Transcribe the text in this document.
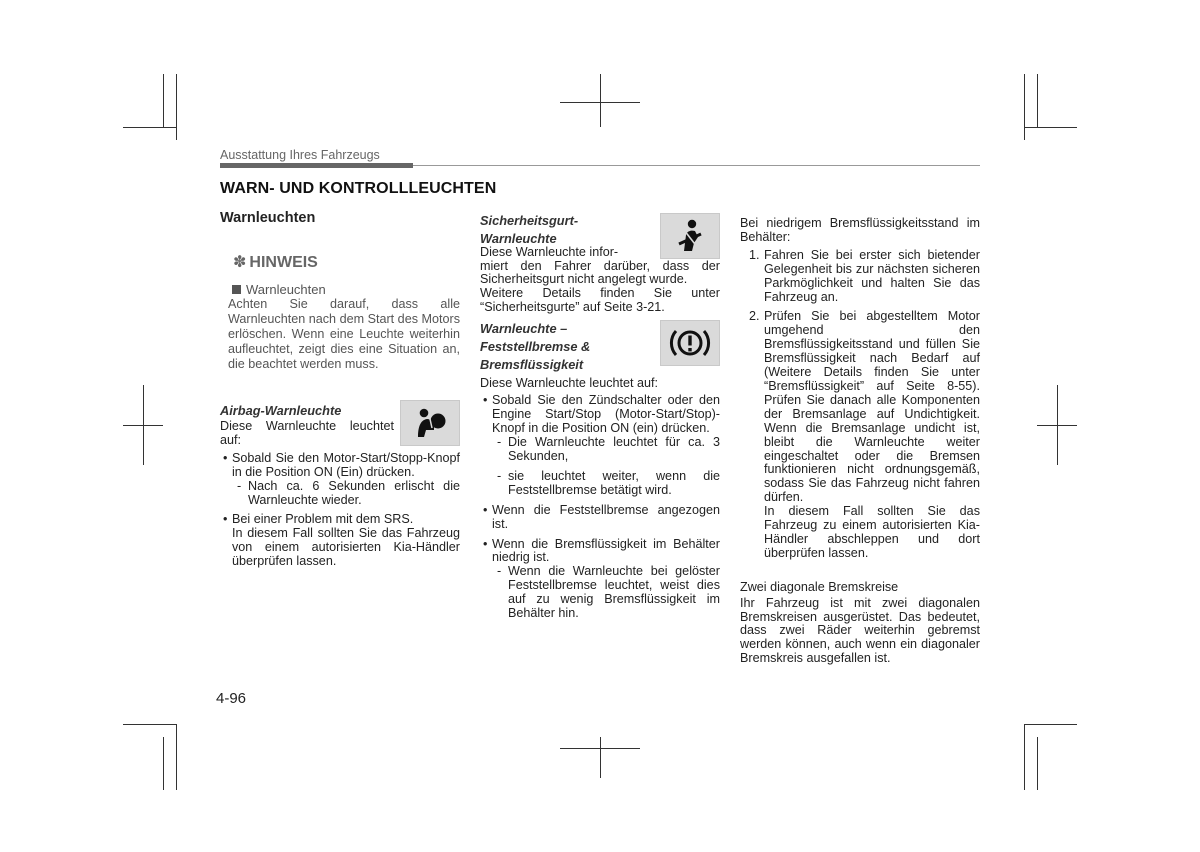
Ausstattung Ihres Fahrzeugs
WARN- UND KONTROLLLEUCHTEN

Warnleuchten

✽ HINWEIS
Warnleuchten

Achten Sie darauf, dass alle Warnleuchten nach dem Start des Motors erlöschen. Wenn eine Leuchte weiterhin aufleuchtet, zeigt dies eine Situation an, die beachtet werden muss.

Airbag-Warnleuchte

Diese Warnleuchte leuchtet auf:

• Sobald Sie den Motor-Start/Stopp-Knopf in die Position ON (Ein) drücken.

- Nach ca. 6 Sekunden erlischt die Warnleuchte wieder.

• Bei einer Problem mit dem SRS.

In diesem Fall sollten Sie das Fahrzeug von einem autorisierten Kia-Händler überprüfen lassen.

Sicherheitsgurt-

Warnleuchte

Diese Warnleuchte infor-
miert den Fahrer darüber, dass der Sicherheitsgurt nicht angelegt wurde.

Weitere Details finden Sie unter “Sicherheitsgurte” auf Seite 3-21.

Warnleuchte –

Feststellbremse &

Bremsflüssigkeit

Diese Warnleuchte leuchtet auf:

• Sobald Sie den Zündschalter oder den Engine Start/Stop (Motor-Start/Stop)-Knopf in die Position ON (ein) drücken.

- Die Warnleuchte leuchtet für ca. 3 Sekunden,

- sie leuchtet weiter, wenn die Feststellbremse betätigt wird.

• Wenn die Feststellbremse angezogen ist.

• Wenn die Bremsflüssigkeit im Behälter niedrig ist.

- Wenn die Warnleuchte bei gelöster Feststellbremse leuchtet, weist dies auf zu wenig Bremsflüssigkeit im Behälter hin.

Bei niedrigem Bremsflüssigkeitsstand im Behälter:

1. Fahren Sie bei erster sich bietender Gelegenheit bis zur nächsten sicheren Parkmöglichkeit und halten Sie das Fahrzeug an.

2. Prüfen Sie bei abgestelltem Motor umgehend den Bremsflüssigkeitsstand und füllen Sie Bremsflüssigkeit nach Bedarf auf (Weitere Details finden Sie unter “Bremsflüssigkeit” auf Seite 8-55). Prüfen Sie danach alle Komponenten der Bremsanlage auf Undichtigkeit. Wenn die Bremsanlage undicht ist, bleibt die Warnleuchte weiter eingeschaltet oder die Bremsen funktionieren nicht ordnungsgemäß, sodass Sie das Fahrzeug nicht fahren dürfen.

In diesem Fall sollten Sie das Fahrzeug zu einem autorisierten Kia-Händler abschleppen und dort überprüfen lassen.

Zwei diagonale Bremskreise

Ihr Fahrzeug ist mit zwei diagonalen Bremskreisen ausgerüstet. Das bedeutet, dass zwei Räder weiterhin gebremst werden können, auch wenn ein diagonaler Bremskreis ausgefallen ist.

4-96
